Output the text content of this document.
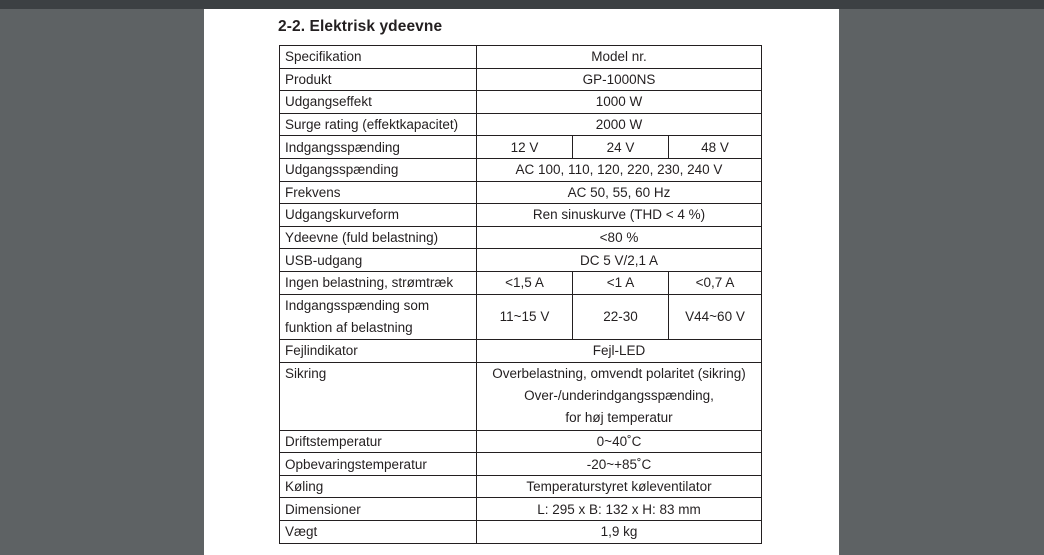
2-2. Elektrisk ydeevne
Specifikation	Model nr.		
Produkt	GP-1000NS		
Udgangseffekt	1000 W		
Surge rating (effektkapacitet)	2000 W		
Indgangsspænding	12 V	24 V	48 V
Udgangsspænding	AC 100, 110, 120, 220, 230, 240 V		
Frekvens	AC 50, 55, 60 Hz		
Udgangskurveform	Ren sinuskurve (THD < 4 %)		
Ydeevne (fuld belastning)	<80 %		
USB-udgang	DC 5 V/2,1 A		
Ingen belastning, strømtræk	<1,5 A	<1 A	<0,7 A

Indgangsspænding som
funktion af belastning	11~15 V	22-30	V44~60 V
Fejlindikator	Fejl-LED		
Sikring	Overbelastning, omvendt polaritet (sikring)
Over-/underindgangsspænding,
for høj temperatur		

Driftstemperatur	0~40˚C		
Opbevaringstemperatur	-20~+85˚C		
Køling	Temperaturstyret køleventilator		
Dimensioner	L: 295 x B: 132 x H: 83 mm		
Vægt	1,9 kg		
